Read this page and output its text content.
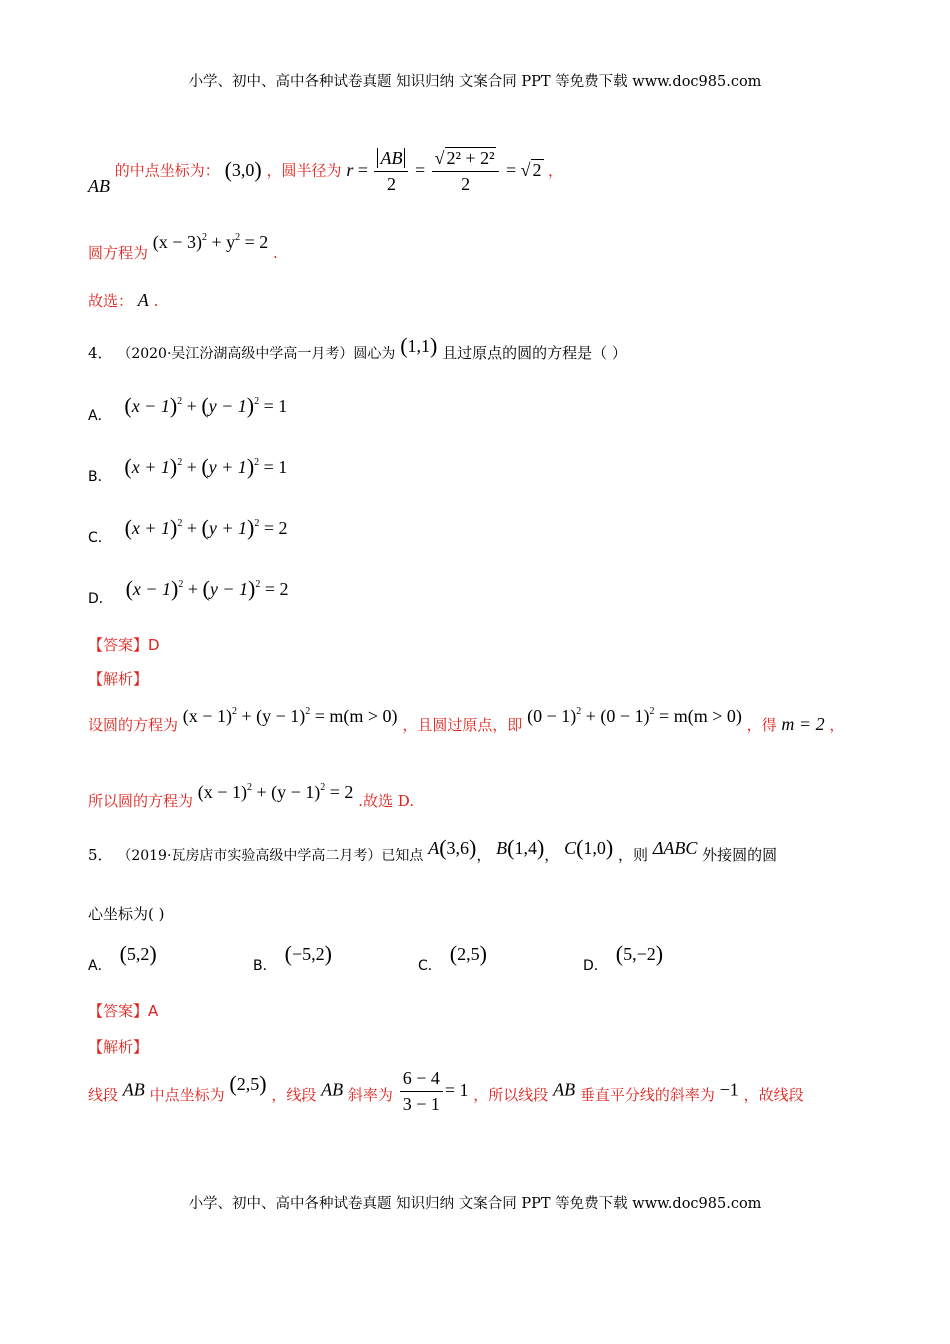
小学、初中、高中各种试卷真题 知识归纳 文案合同 PPT 等免费下载 www.doc985.com
AB 的中点坐标为： (3,0) ，圆半径为 $r = \frac{AB}{2} = \frac{\text{√ 2² + 2²}}{2}$ = √ 2 ，
圆方程为 $(x - 3)^2 + y^2 = 2$ .
故选： A .
4． （2020·吴江汾湖高级中学高一月考）圆心为 (1,1) 且过原点的圆的方程是（ ）
A． $(x - 1)^2 + (y - 1)^2 = 1$
B． $(x + 1)^2 + (y + 1)^2 = 1$
C． $(x + 1)^2 + (y + 1)^2 = 2$
D． $(x - 1)^2 + (y - 1)^2 = 2$
【答案】D
【解析】
设圆的方程为 $(x - 1)^2 + (y - 1)^2 = m(m > 0)$ ，且圆过原点，即 $(0 - 1)^2 + (0 - 1)^2 = m(m > 0)$ ，得 m = 2 ，
所以圆的方程为 $(x - 1)^2 + (y - 1)^2 = 2$ .故选 D.
5． （2019·瓦房店市实验高级中学高二月考）已知点 A(3,6)， B(1,4)， C(1,0) ，则 ΔABC 外接圆的圆
心坐标为( )
A． (5,2)	B． (−5,2)	C． (2,5)	D． (5,−2)
【答案】A
【解析】
线段 AB 中点坐标为 (2,5) ，线段 AB 斜率为 $\frac{6 - 4}{3 - 1} = 1$ ，所以线段 AB 垂直平分线的斜率为 −1 ，故线段
小学、初中、高中各种试卷真题 知识归纳 文案合同 PPT 等免费下载 www.doc985.com
